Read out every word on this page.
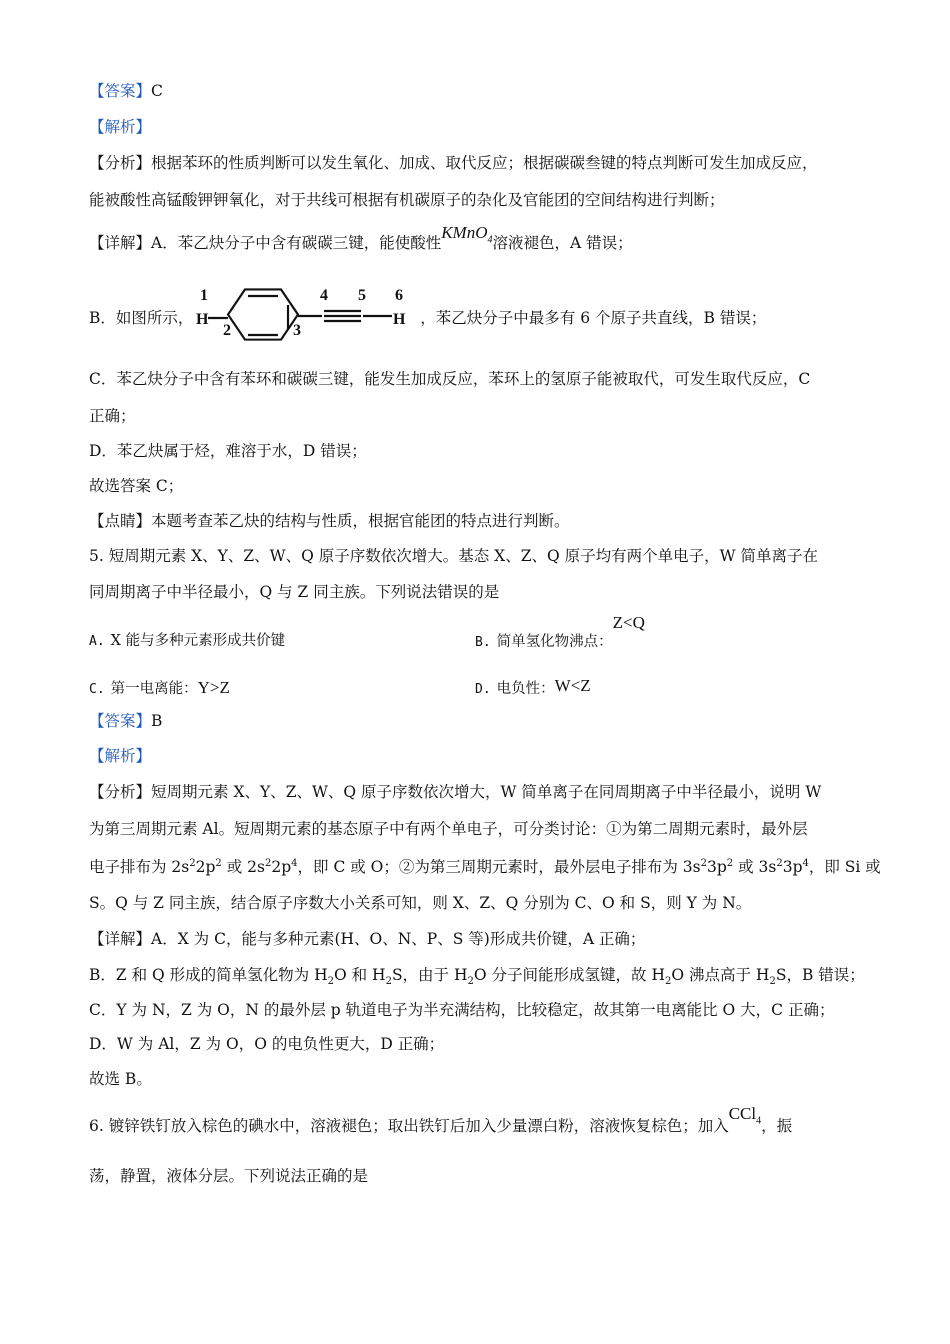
【答案】C
【解析】
【分析】根据苯环的性质判断可以发生氧化、加成、取代反应；根据碳碳叁键的特点判断可发生加成反应，
能被酸性高锰酸钾钾氧化，对于共线可根据有机碳原子的杂化及官能团的空间结构进行判断；
【详解】A．苯乙炔分子中含有碳碳三键，能使酸性KMnO$_4$溶液褪色，A 错误；
B．如图所示，	，苯乙炔分子中最多有 6 个原子共直线，B 错误；
1
H
2	3
4 5 6
H
C．苯乙炔分子中含有苯环和碳碳三键，能发生加成反应，苯环上的氢原子能被取代，可发生取代反应，C
正确；
D．苯乙炔属于烃，难溶于水，D 错误；
故选答案 C；
【点睛】本题考查苯乙炔的结构与性质，根据官能团的特点进行判断。
5. 短周期元素 X、Y、Z、W、Q 原子序数依次增大。基态 X、Z、Q 原子均有两个单电子，W 简单离子在
同周期离子中半径最小，Q 与 Z 同主族。下列说法错误的是
A. X 能与多种元素形成共价键	B. 简单氢化物沸点：Z<Q
C. 第一电离能：Y>Z	D. 电负性：W<Z
【答案】B
【解析】
【分析】短周期元素 X、Y、Z、W、Q 原子序数依次增大，W 简单离子在同周期离子中半径最小，说明 W
为第三周期元素 Al。短周期元素的基态原子中有两个单电子，可分类讨论：①为第二周期元素时，最外层
电子排布为 $2s^22p^2$ 或 $2s^22p^4$，即 C 或 O；②为第三周期元素时，最外层电子排布为 $3s^23p^2$ 或 $3s^23p^4$，即 Si 或
S。Q 与 Z 同主族，结合原子序数大小关系可知，则 X、Z、Q 分别为 C、O 和 S，则 Y 为 N。
【详解】A．X 为 C，能与多种元素(H、O、N、P、S 等)形成共价键，A 正确；
B．Z 和 Q 形成的简单氢化物为 $H_2O$ 和 $H_2S$，由于 $H_2O$ 分子间能形成氢键，故 $H_2O$ 沸点高于 $H_2S$，B 错误；
C．Y 为 N，Z 为 O，N 的最外层 p 轨道电子为半充满结构，比较稳定，故其第一电离能比 O 大，C 正确；
D．W 为 Al，Z 为 O，O 的电负性更大，D 正确；
故选 B。
6. 镀锌铁钉放入棕色的碘水中，溶液褪色；取出铁钉后加入少量漂白粉，溶液恢复棕色；加入CCl$_4$，振
荡，静置，液体分层。下列说法正确的是
